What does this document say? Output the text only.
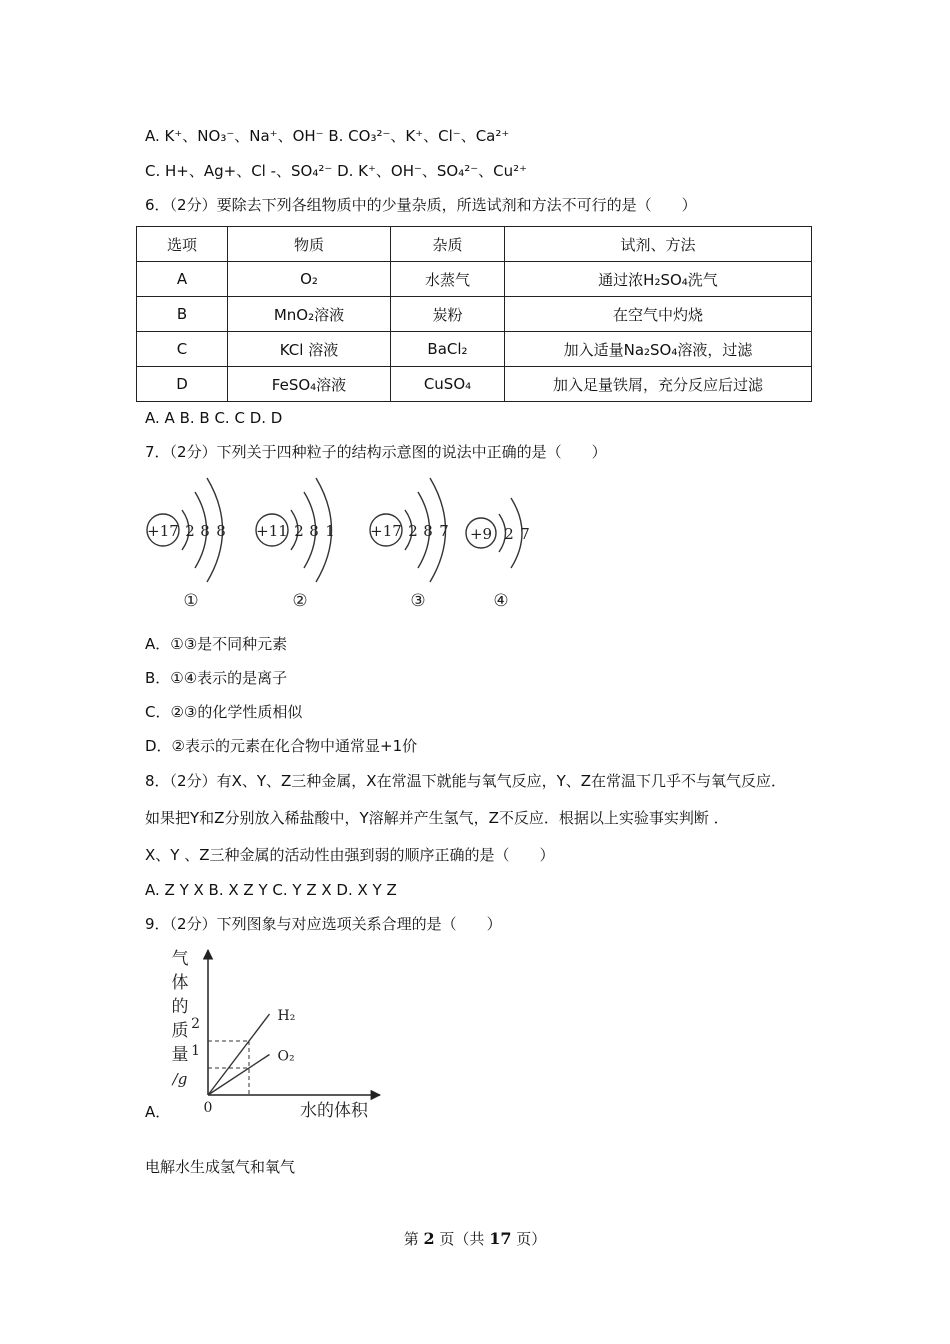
A. K⁺、NO₃⁻、Na⁺、OH⁻ B. CO₃²⁻、K⁺、Cl⁻、Ca²⁺
C. H+、Ag+、Cl -、SO₄²⁻ D. K⁺、OH⁻、SO₄²⁻、Cu²⁺
6．（2分）要除去下列各组物质中的少量杂质，所选试剂和方法不可行的是（　　）
选项	物质	杂质	试剂、方法
A	O₂	水蒸气	通过浓H₂SO₄洗气
B	MnO₂溶液	炭粉	在空气中灼烧
C	KCl 溶液	BaCl₂	加入适量Na₂SO₄溶液，过滤
D	FeSO₄溶液	CuSO₄	加入足量铁屑，充分反应后过滤
A. A B. B C. C D. D
7．（2分）下列关于四种粒子的结构示意图的说法中正确的是（　　）
+17 2 8 8
①
+11 2 8 1
②
+17 2 8 7
③
+9 2 7
④
A．①③是不同种元素
B．①④表示的是离子
C．②③的化学性质相似
D．②表示的元素在化合物中通常显+1价
8．（2分）有X、Y、Z三种金属，X在常温下就能与氧气反应，Y、Z在常温下几乎不与氧气反应．
如果把Y和Z分别放入稀盐酸中，Y溶解并产生氢气，Z不反应．根据以上实验事实判断 ．
X、Y 、Z三种金属的活动性由强到弱的顺序正确的是（　　）
A. Z Y X B. X Z Y C. Y Z X D. X Y Z
9．（2分）下列图象与对应选项关系合理的是（　　）
A．
气
体
的
质
量
/g
0	水的体积
1
2	H₂
O₂
电解水生成氢气和氧气
第 2 页（共 17 页）
